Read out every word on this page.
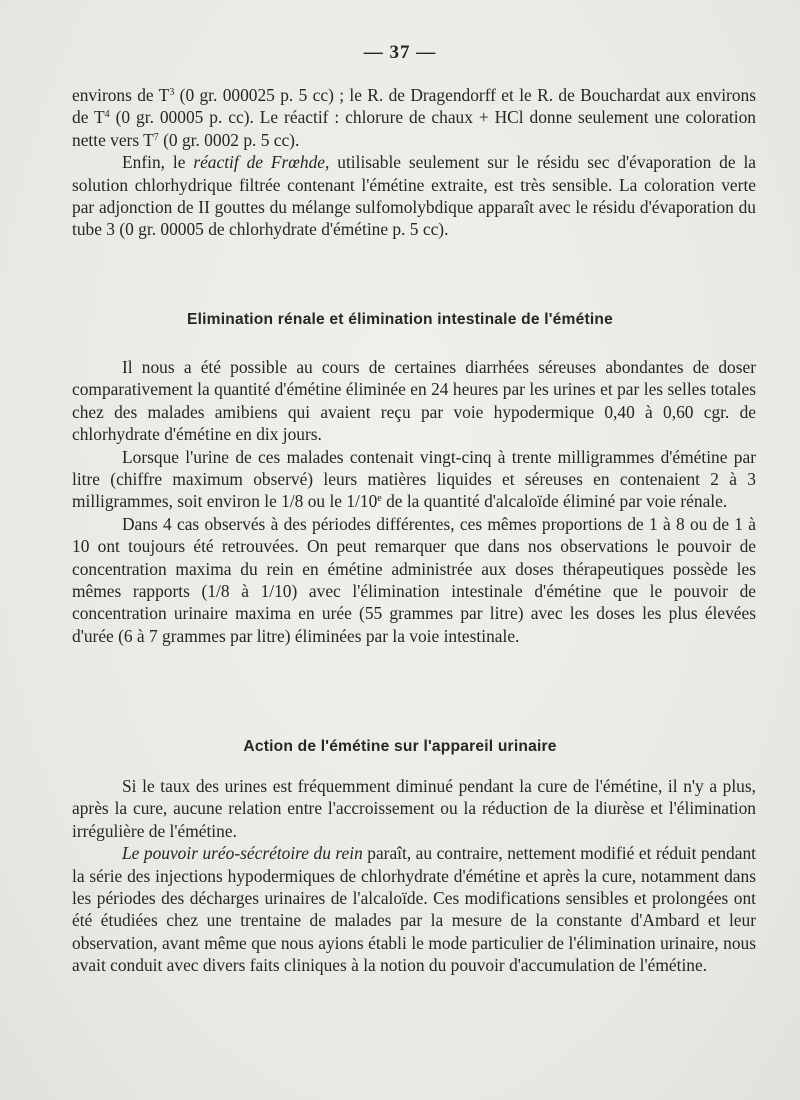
— 37 —

environs de $T^3$ (0 gr. 000025 p. 5 cc) ; le R. de Dragendorff et le R. de Bouchardat aux environs de $T^4$ (0 gr. 00005 p. cc). Le réactif : chlorure de chaux + HCl donne seulement une coloration nette vers $T^7$ (0 gr. 0002 p. 5 cc).

Enfin, le réactif de Frœhde, utilisable seulement sur le résidu sec d'évaporation de la solution chlorhydrique filtrée contenant l'émétine extraite, est très sensible. La coloration verte par adjonction de II gouttes du mélange sulfomolybdique apparaît avec le résidu d'évaporation du tube 3 (0 gr. 00005 de chlorhydrate d'émétine p. 5 cc).

Elimination rénale et élimination intestinale de l'émétine

Il nous a été possible au cours de certaines diarrhées séreuses abondantes de doser comparativement la quantité d'émétine éliminée en 24 heures par les urines et par les selles totales chez des malades amibiens qui avaient reçu par voie hypodermique 0,40 à 0,60 cgr. de chlorhydrate d'émétine en dix jours.

Lorsque l'urine de ces malades contenait vingt-cinq à trente milligrammes d'émétine par litre (chiffre maximum observé) leurs matières liquides et séreuses en contenaient 2 à 3 milligrammes, soit environ le 1/8 ou le 1/10e de la quantité d'alcaloïde éliminé par voie rénale.

Dans 4 cas observés à des périodes différentes, ces mêmes proportions de 1 à 8 ou de 1 à 10 ont toujours été retrouvées. On peut remarquer que dans nos observations le pouvoir de concentration maxima du rein en émétine administrée aux doses thérapeutiques possède les mêmes rapports (1/8 à 1/10) avec l'élimination intestinale d'émétine que le pouvoir de concentration urinaire maxima en urée (55 grammes par litre) avec les doses les plus élevées d'urée (6 à 7 grammes par litre) éliminées par la voie intestinale.

Action de l'émétine sur l'appareil urinaire

Si le taux des urines est fréquemment diminué pendant la cure de l'émétine, il n'y a plus, après la cure, aucune relation entre l'accroissement ou la réduction de la diurèse et l'élimination irrégulière de l'émétine.

Le pouvoir uréo-sécrétoire du rein paraît, au contraire, nettement modifié et réduit pendant la série des injections hypodermiques de chlorhydrate d'émétine et après la cure, notamment dans les périodes des décharges urinaires de l'alcaloïde. Ces modifications sensibles et prolongées ont été étudiées chez une trentaine de malades par la mesure de la constante d'Ambard et leur observation, avant même que nous ayions établi le mode particulier de l'élimination urinaire, nous avait conduit avec divers faits cliniques à la notion du pouvoir d'accumulation de l'émétine.
